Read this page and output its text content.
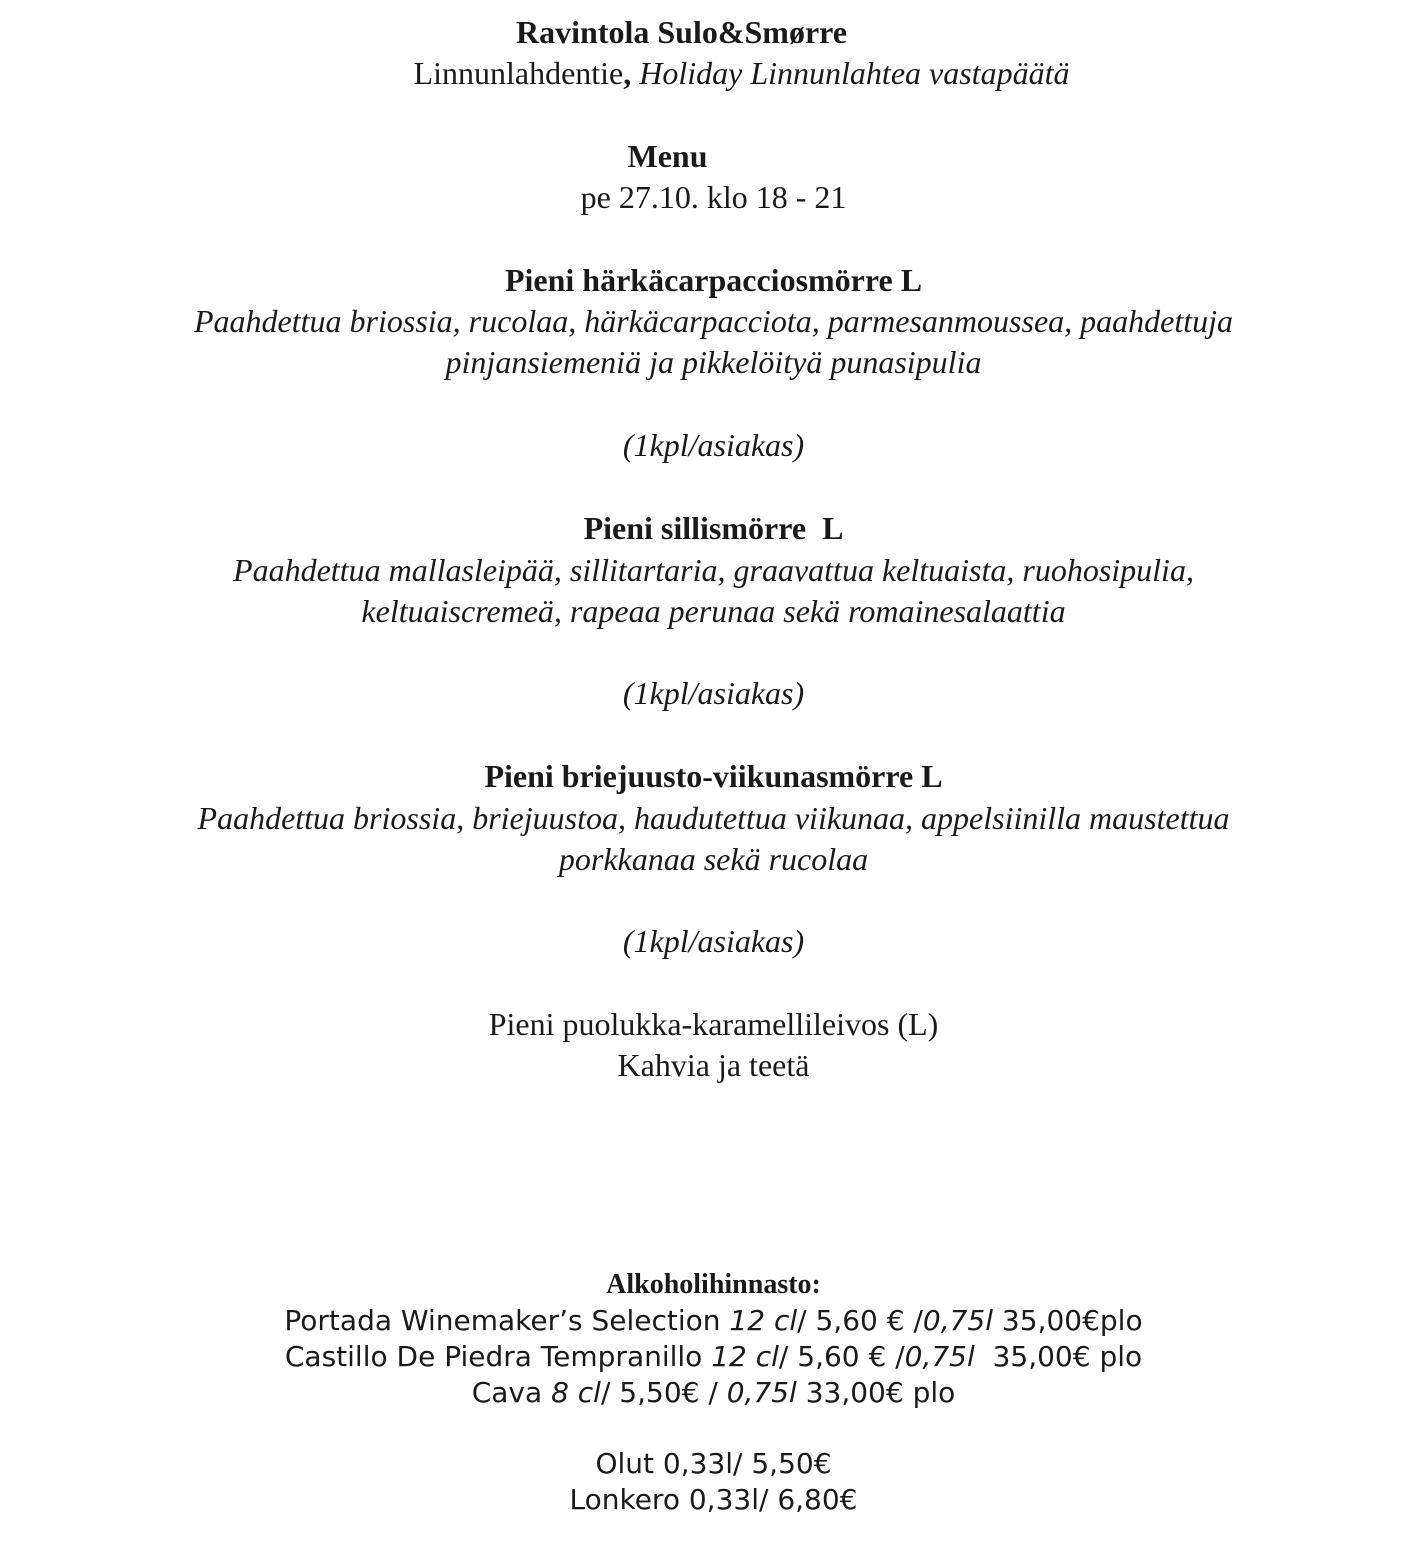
Ravintola Sulo&Smørre
Linnunlahdentie, Holiday Linnunlahtea vastapäätä
Menu
pe 27.10. klo 18 - 21
Pieni härkäcarpacciosmörre L
Paahdettua briossia, rucolaa, härkäcarpacciota, parmesanmoussea, paahdettuja
pinjansiemeniä ja pikkelöityä punasipulia
(1kpl/asiakas)
Pieni sillismörre  L
Paahdettua mallasleipää, sillitartaria, graavattua keltuaista, ruohosipulia,
keltuaiscremeä, rapeaa perunaa sekä romainesalaattia
(1kpl/asiakas)
Pieni briejuusto-viikunasmörre L
Paahdettua briossia, briejuustoa, haudutettua viikunaa, appelsiinilla maustettua
porkkanaa sekä rucolaa
(1kpl/asiakas)
Pieni puolukka-karamellileivos (L)
Kahvia ja teetä
Alkoholihinnasto:
Portada Winemaker’s Selection 12 cl/ 5,60 € /0,75l 35,00€plo
Castillo De Piedra Tempranillo 12 cl/ 5,60 € /0,75l  35,00€ plo
Cava 8 cl/ 5,50€ / 0,75l 33,00€ plo
Olut 0,33l/ 5,50€
Lonkero 0,33l/ 6,80€
